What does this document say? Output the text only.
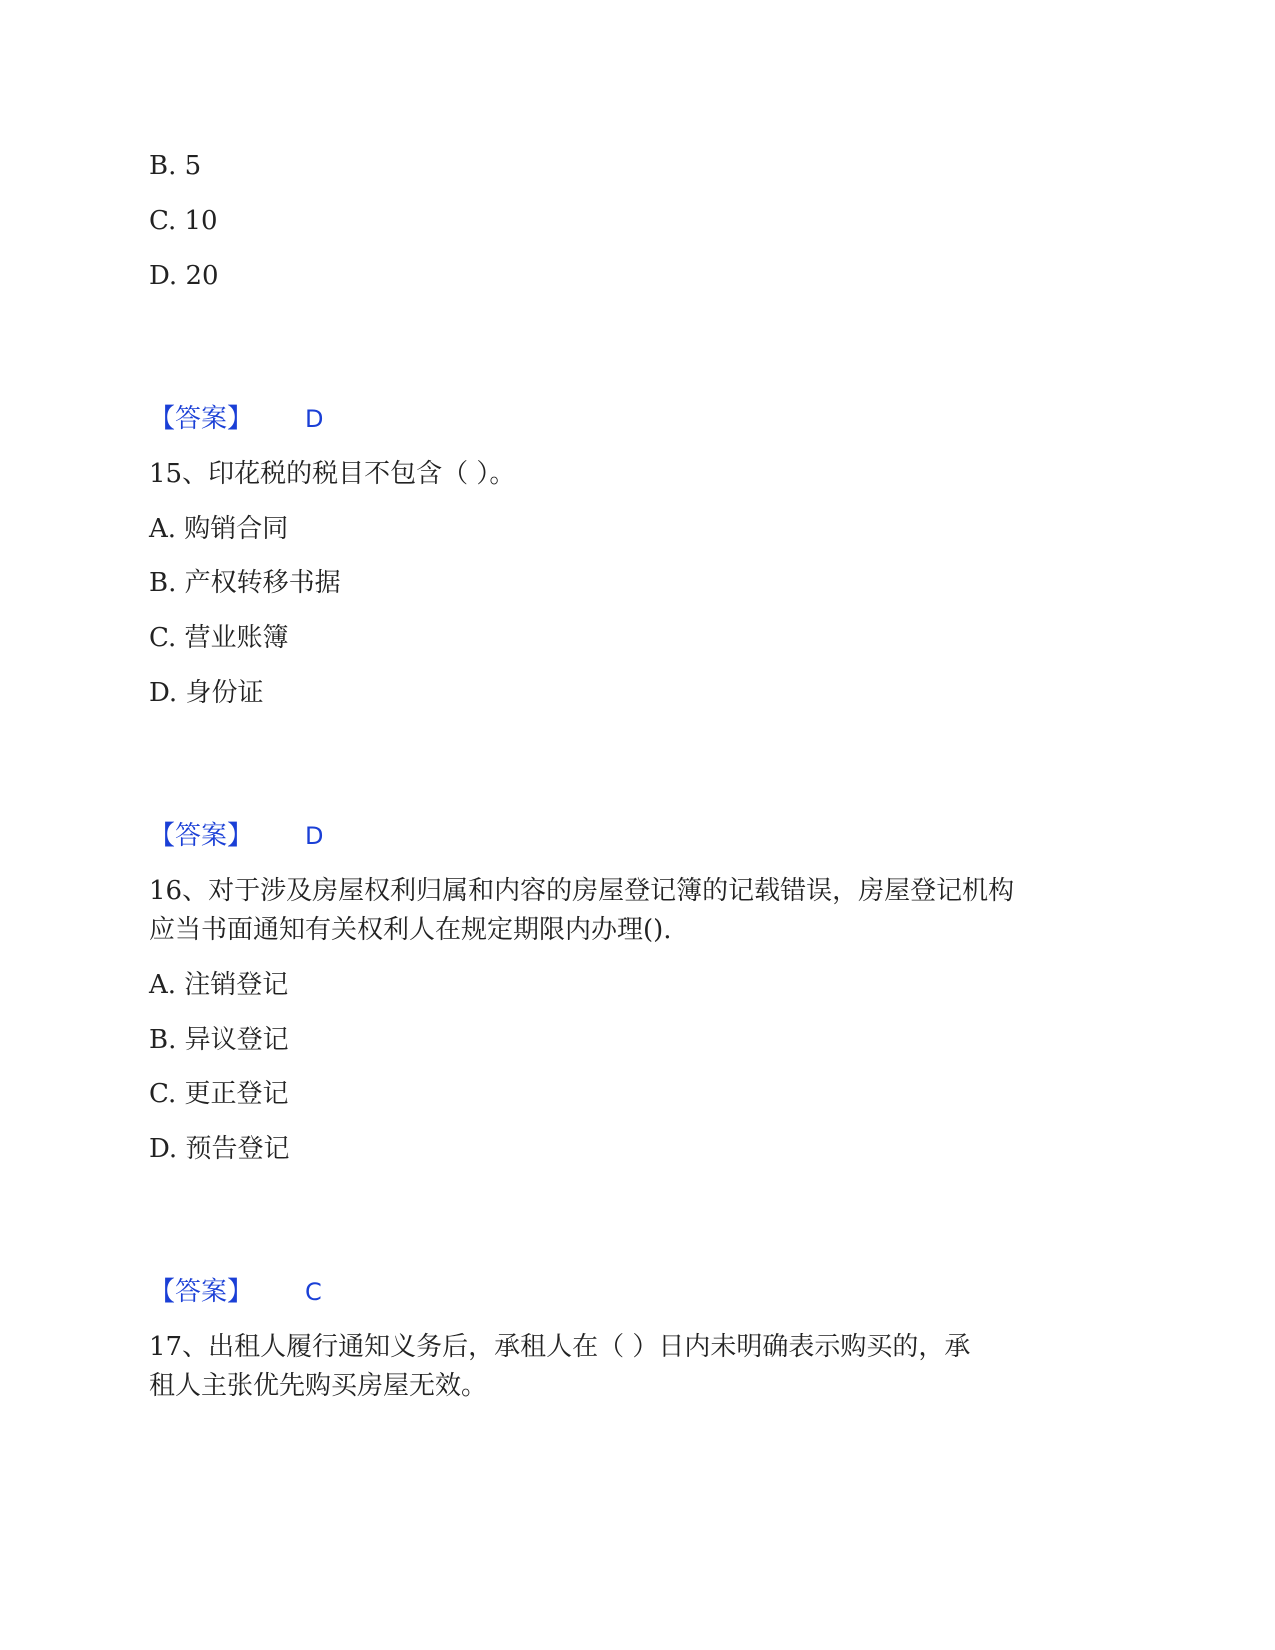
B. 5
C. 10
D. 20
【答案】 D
15、印花税的税目不包含（ ）。
A. 购销合同
B. 产权转移书据
C. 营业账簿
D. 身份证
【答案】 D
16、对于涉及房屋权利归属和内容的房屋登记簿的记载错误，房屋登记机构
应当书面通知有关权利人在规定期限内办理().
A. 注销登记
B. 异议登记
C. 更正登记
D. 预告登记
【答案】 C
17、出租人履行通知义务后，承租人在（ ）日内未明确表示购买的，承
租人主张优先购买房屋无效。
